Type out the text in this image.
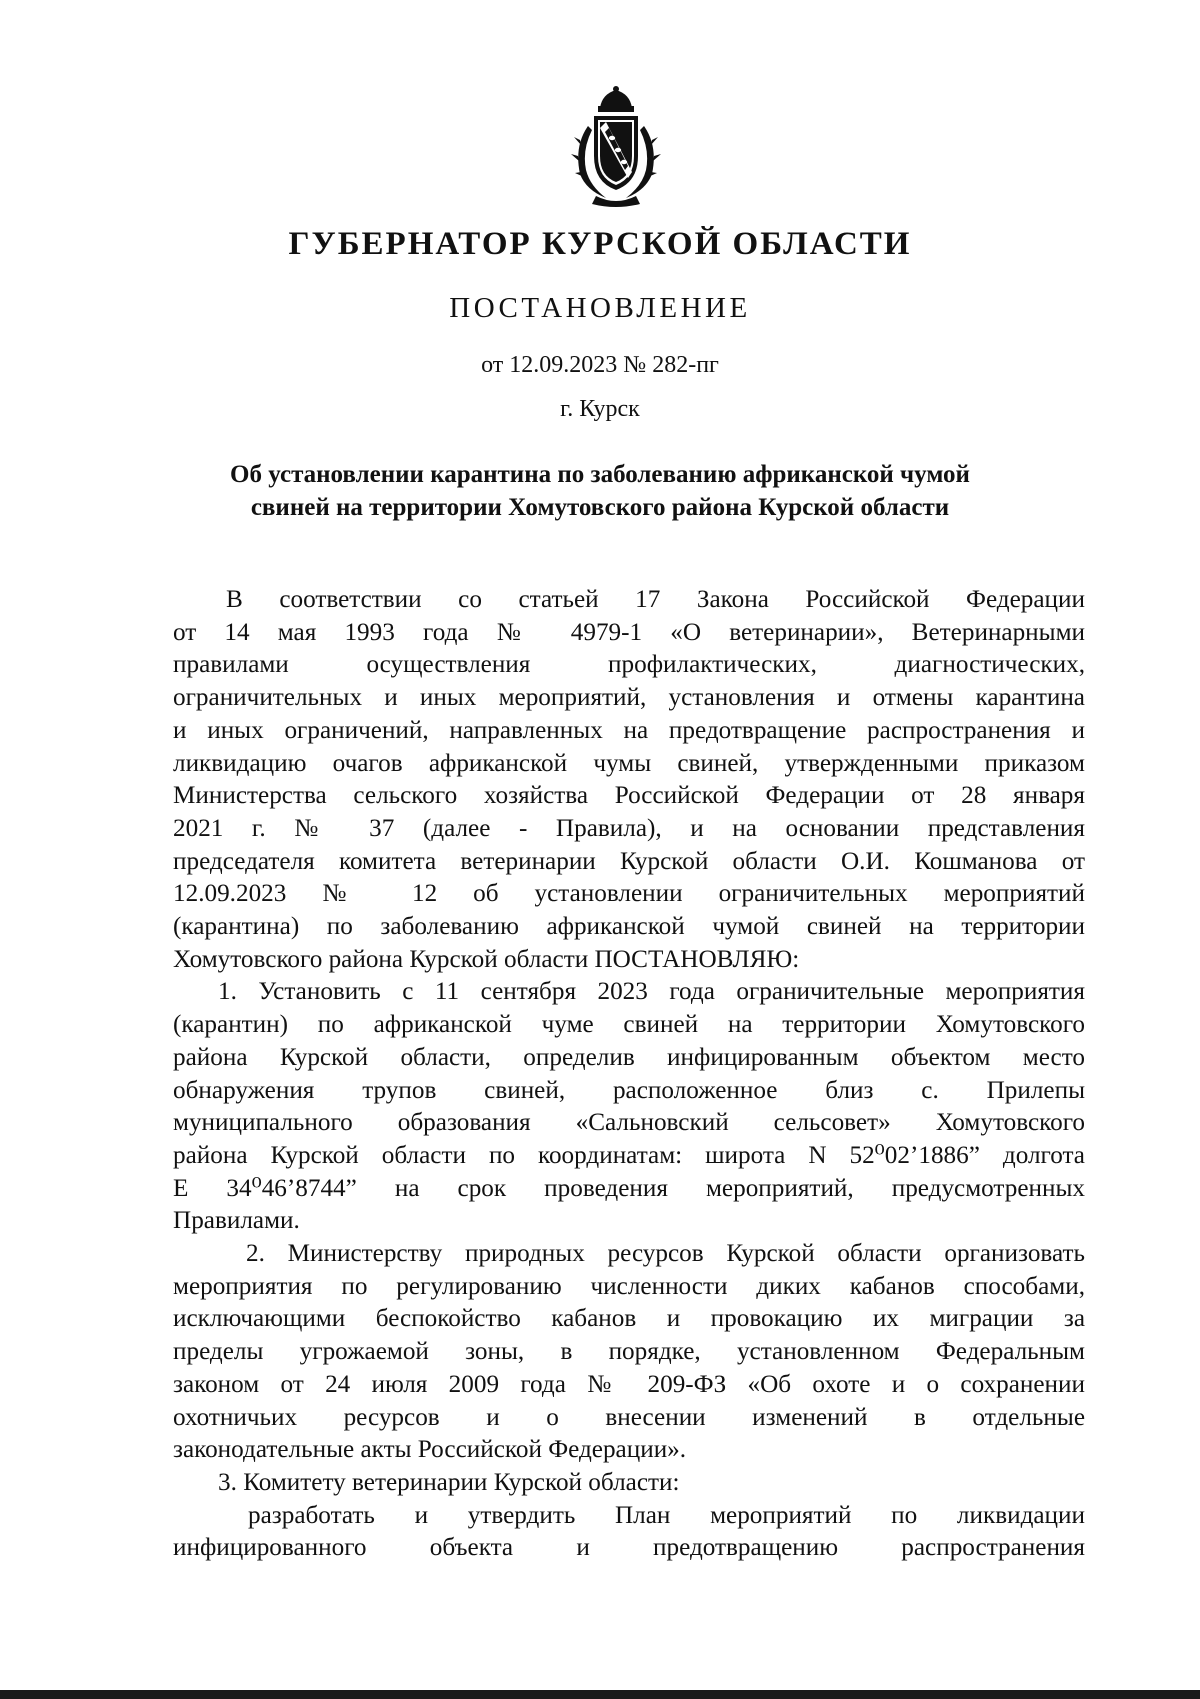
ГУБЕРНАТОР КУРСКОЙ ОБЛАСТИ
ПОСТАНОВЛЕНИЕ
от 12.09.2023 № 282-пг
г. Курск
Об установлении карантина по заболеванию африканской чумой
свиней на территории Хомутовского района Курской области
В соответствии со статьей 17 Закона Российской Федерации
от 14 мая 1993 года № 4979-1 «О ветеринарии», Ветеринарными
правилами осуществления профилактических, диагностических,
ограничительных и иных мероприятий, установления и отмены карантина
и иных ограничений, направленных на предотвращение распространения и
ликвидацию очагов африканской чумы свиней, утвержденными приказом
Министерства сельского хозяйства Российской Федерации от 28 января
2021 г. № 37 (далее - Правила), и на основании представления
председателя комитета ветеринарии Курской области О.И. Кошманова от
12.09.2023 № 12 об установлении ограничительных мероприятий
(карантина) по заболеванию африканской чумой свиней на территории
Хомутовского района Курской области ПОСТАНОВЛЯЮ:
1. Установить с 11 сентября 2023 года ограничительные мероприятия
(карантин) по африканской чуме свиней на территории Хомутовского
района Курской области, определив инфицированным объектом место
обнаружения трупов свиней, расположенное близ с. Прилепы
муниципального образования «Сальновский сельсовет» Хомутовского
района Курской области по координатам: широта N 52⁰02’1886” долгота
E 34⁰46’8744” на срок проведения мероприятий, предусмотренных
Правилами.
2. Министерству природных ресурсов Курской области организовать
мероприятия по регулированию численности диких кабанов способами,
исключающими беспокойство кабанов и провокацию их миграции за
пределы угрожаемой зоны, в порядке, установленном Федеральным
законом от 24 июля 2009 года № 209-ФЗ «Об охоте и о сохранении
охотничьих ресурсов и о внесении изменений в отдельные
законодательные акты Российской Федерации».
3. Комитету ветеринарии Курской области:
разработать и утвердить План мероприятий по ликвидации
инфицированного объекта и предотвращению распространения
